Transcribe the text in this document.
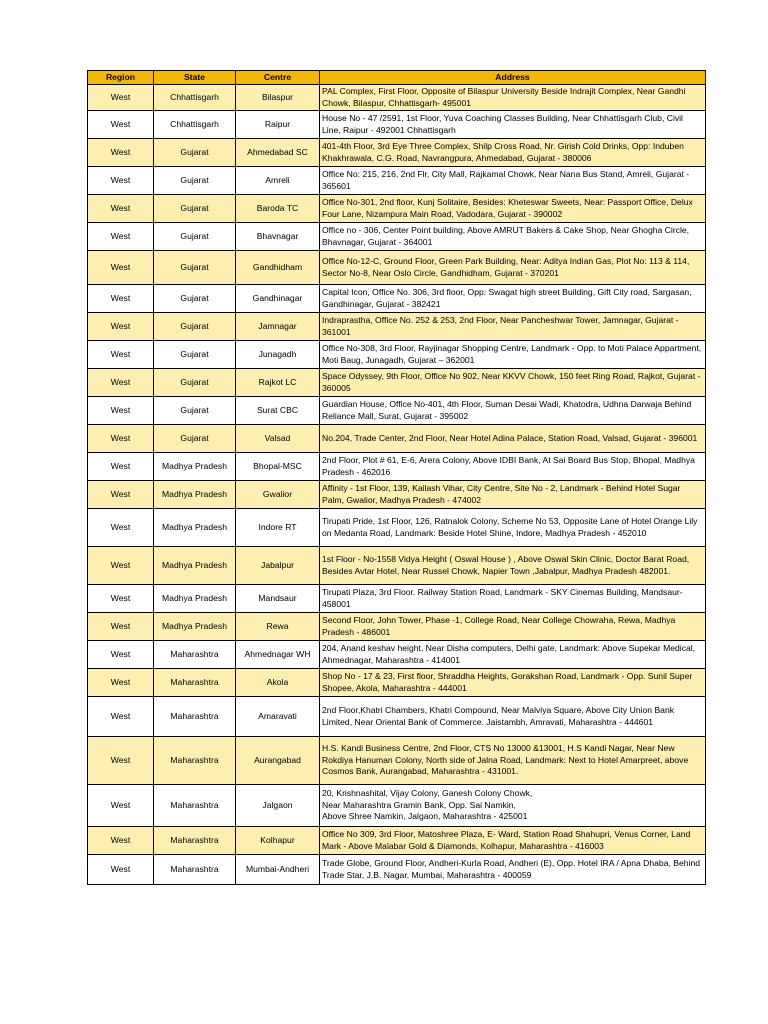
Region	State	Centre	Address
West	Chhattisgarh	Bilaspur	PAL Complex, First Floor, Opposite of Bilaspur University Beside Indrajit Complex, Near Gandhi Chowk, Bilaspur, Chhattisgarh- 495001
West	Chhattisgarh	Raipur	House No - 47 /2591, 1st Floor, Yuva Coaching Classes Building, Near Chhattisgarh Club, Civil Line, Raipur - 492001 Chhattisgarh
West	Gujarat	Ahmedabad SC	401-4th Floor, 3rd Eye Three Complex, Shilp Cross Road, Nr. Girish Cold Drinks, Opp: Induben Khakhrawala, C.G. Road, Navrangpura, Ahmedabad, Gujarat - 380006
West	Gujarat	Amreli	Office No: 215, 216, 2nd Flr, City Mall, Rajkamal Chowk, Near Nana Bus Stand, Amreli, Gujarat - 365601
West	Gujarat	Baroda TC	Office No-301, 2nd floor, Kunj Solitaire, Besides: Kheteswar Sweets, Near: Passport Office, Delux Four Lane, Nizampura Main Road, Vadodara, Gujarat - 390002
West	Gujarat	Bhavnagar	Office no - 306, Center Point building, Above AMRUT Bakers & Cake Shop, Near Ghogha Circle, Bhavnagar, Gujarat - 364001
West	Gujarat	Gandhidham	Office No-12-C, Ground Floor, Green Park Building, Near: Aditya Indian Gas, Plot No: 113 & 114, Sector No-8, Near Oslo Circle, Gandhidham, Gujarat - 370201
West	Gujarat	Gandhinagar	Capital Icon, Office No. 306, 3rd floor, Opp: Swagat high street Building, Gift City road, Sargasan, Gandhinagar, Gujarat - 382421
West	Gujarat	Jamnagar	Indraprastha, Office No. 252 & 253, 2nd Floor, Near Pancheshwar Tower, Jamnagar, Gujarat - 361001
West	Gujarat	Junagadh	Office No-308, 3rd Floor, Rayjinagar Shopping Centre, Landmark - Opp. to Moti Palace Appartment, Moti Baug, Junagadh, Gujarat – 362001
West	Gujarat	Rajkot LC	Space Odyssey, 9th Floor, Office No 902, Near KKVV Chowk, 150 feet Ring Road, Rajkot, Gujarat - 360005
West	Gujarat	Surat CBC	Guardian House, Office No-401, 4th Floor, Suman Desai Wadi, Khatodra, Udhna Darwaja Behind Reliance Mall, Surat, Gujarat - 395002
West	Gujarat	Valsad	No.204, Trade Center, 2nd Floor, Near Hotel Adina Palace, Station Road, Valsad, Gujarat - 396001
West	Madhya Pradesh	Bhopal-MSC	2nd Floor, Plot # 61, E-6, Arera Colony, Above IDBI Bank, At Sai Board Bus Stop, Bhopal, Madhya Pradesh - 462016
West	Madhya Pradesh	Gwalior	Affinity - 1st Floor, 139, Kailash Vihar, City Centre, Site No - 2, Landmark - Behind Hotel Sugar Palm, Gwalior, Madhya Pradesh - 474002
West	Madhya Pradesh	Indore RT	Tirupati Pride, 1st Floor, 126, Ratnalok Colony, Scheme No 53, Opposite Lane of Hotel Orange Lily on Medanta Road, Landmark: Beside Hotel Shine, Indore, Madhya Pradesh - 452010
West	Madhya Pradesh	Jabalpur	1st Floor - No-1558 Vidya Height ( Oswal House ) , Above Oswal Skin Clinic, Doctor Barat Road, Besides Avtar Hotel, Near Russel Chowk, Napier Town ,Jabalpur, Madhya Pradesh 482001.
West	Madhya Pradesh	Mandsaur	Tirupati Plaza, 3rd Floor. Railway Station Road, Landmark - SKY Cinemas Building, Mandsaur- 458001
West	Madhya Pradesh	Rewa	Second Floor, John Tower, Phase -1, College Road, Near College Chowraha, Rewa, Madhya Pradesh - 486001
West	Maharashtra	Ahmednagar WH	204, Anand keshav height, Near Disha computers, Delhi gate, Landmark: Above Supekar Medical, Ahmednagar, Maharashtra - 414001
West	Maharashtra	Akola	Shop No - 17 & 23, First floor, Shraddha Heights, Gorakshan Road, Landmark - Opp. Sunil Super Shopee, Akola, Maharashtra - 444001
West	Maharashtra	Amaravati	2nd Floor,Khatri Chambers, Khatri Compound, Near Malviya Square, Above City Union Bank Limited, Near Oriental Bank of Commerce. Jaistambh, Amravati, Maharashtra - 444601
West	Maharashtra	Aurangabad	H.S. Kandi Business Centre, 2nd Floor, CTS No 13000 &13001, H.S Kandi Nagar, Near New Rokdiya Hanuman Colony, North side of Jalna Road, Landmark: Next to Hotel Amarpreet, above Cosmos Bank, Aurangabad, Maharashtra - 431001.
West	Maharashtra	Jalgaon	20, Krishnashital, Vijay Colony, Ganesh Colony Chowk,
Near Maharashtra Gramin Bank, Opp. Sai Namkin,
Above Shree Namkin, Jalgaon, Maharashtra - 425001
West	Maharashtra	Kolhapur	Office No 309, 3rd Floor, Matoshree Plaza, E- Ward, Station Road Shahupri, Venus Corner, Land Mark - Above Malabar Gold & Diamonds, Kolhapur, Maharashtra - 416003
West	Maharashtra	Mumbai-Andheri	Trade Globe, Ground Floor, Andheri-Kurla Road, Andheri (E), Opp. Hotel IRA / Apna Dhaba, Behind Trade Star, J.B. Nagar, Mumbai, Maharashtra - 400059
